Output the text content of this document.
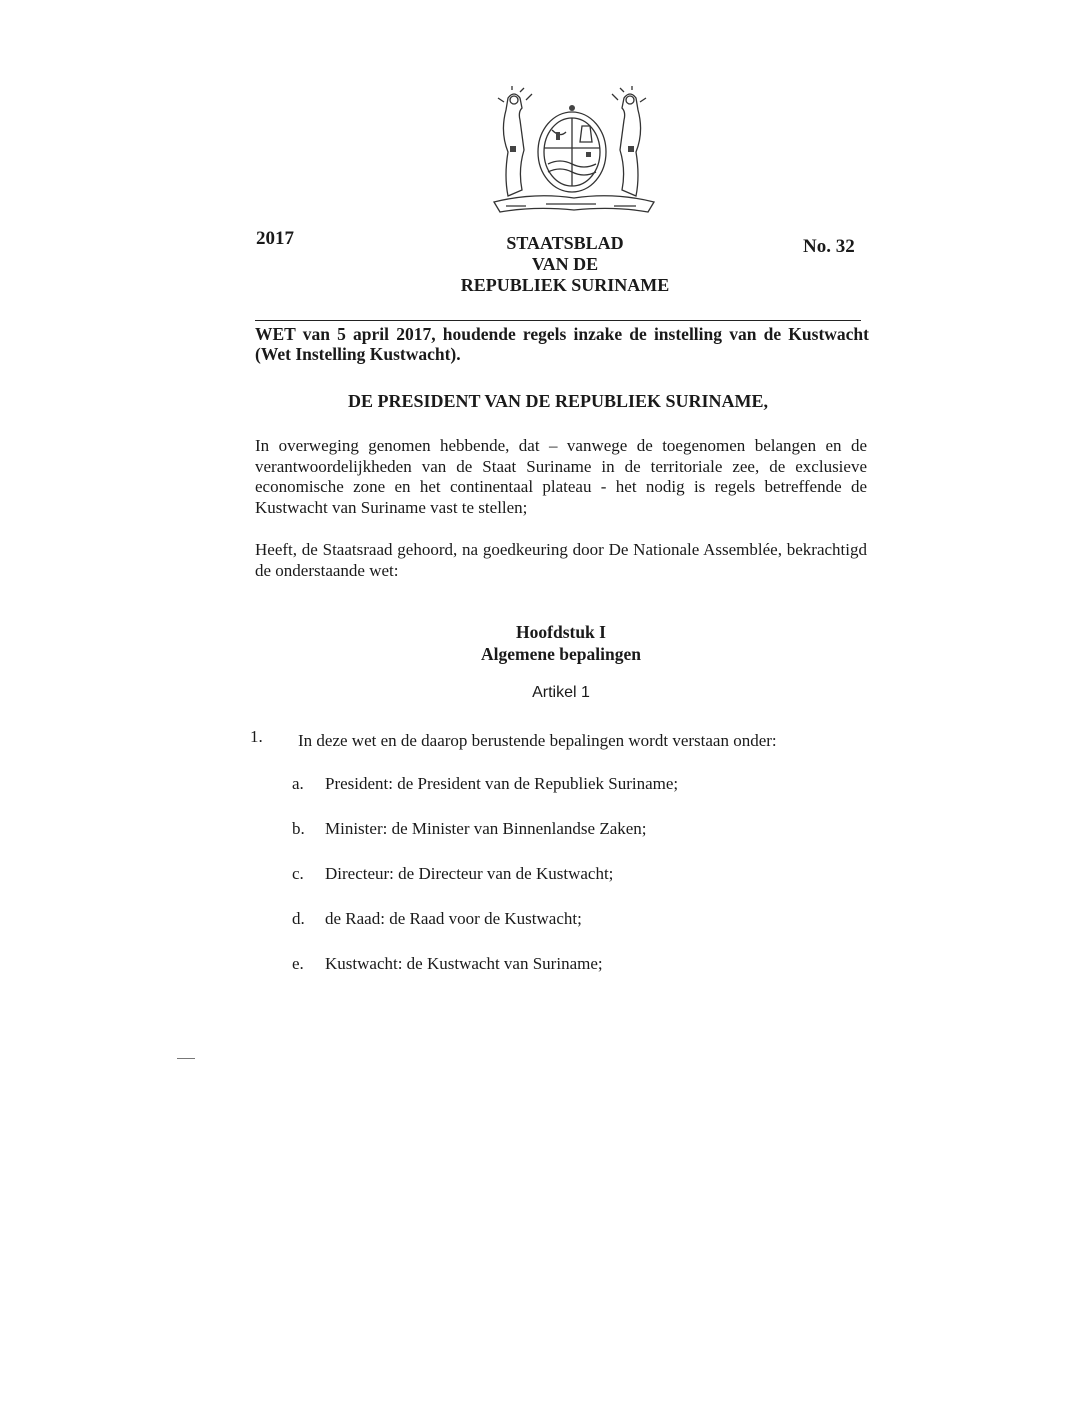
2017	STAATSBLAD
VAN DE
REPUBLIEK SURINAME
No. 32
WET van 5 april 2017, houdende regels inzake de instelling van de Kustwacht (Wet Instelling Kustwacht).
DE PRESIDENT VAN DE REPUBLIEK SURINAME,
In overweging genomen hebbende, dat – vanwege de toegenomen belangen en de verantwoordelijkheden van de Staat Suriname in de territoriale zee, de exclusieve economische zone en het continentaal plateau - het nodig is regels betreffende de Kustwacht van Suriname vast te stellen;
Heeft, de Staatsraad gehoord, na goedkeuring door De Nationale Assemblée, bekrachtigd de onderstaande wet:
Hoofdstuk I
Algemene bepalingen
Artikel 1
1. In deze wet en de daarop berustende bepalingen wordt verstaan onder:
a. President: de President van de Republiek Suriname;
b. Minister: de Minister van Binnenlandse Zaken;
c. Directeur: de Directeur van de Kustwacht;
d. de Raad: de Raad voor de Kustwacht;
e. Kustwacht: de Kustwacht van Suriname;
